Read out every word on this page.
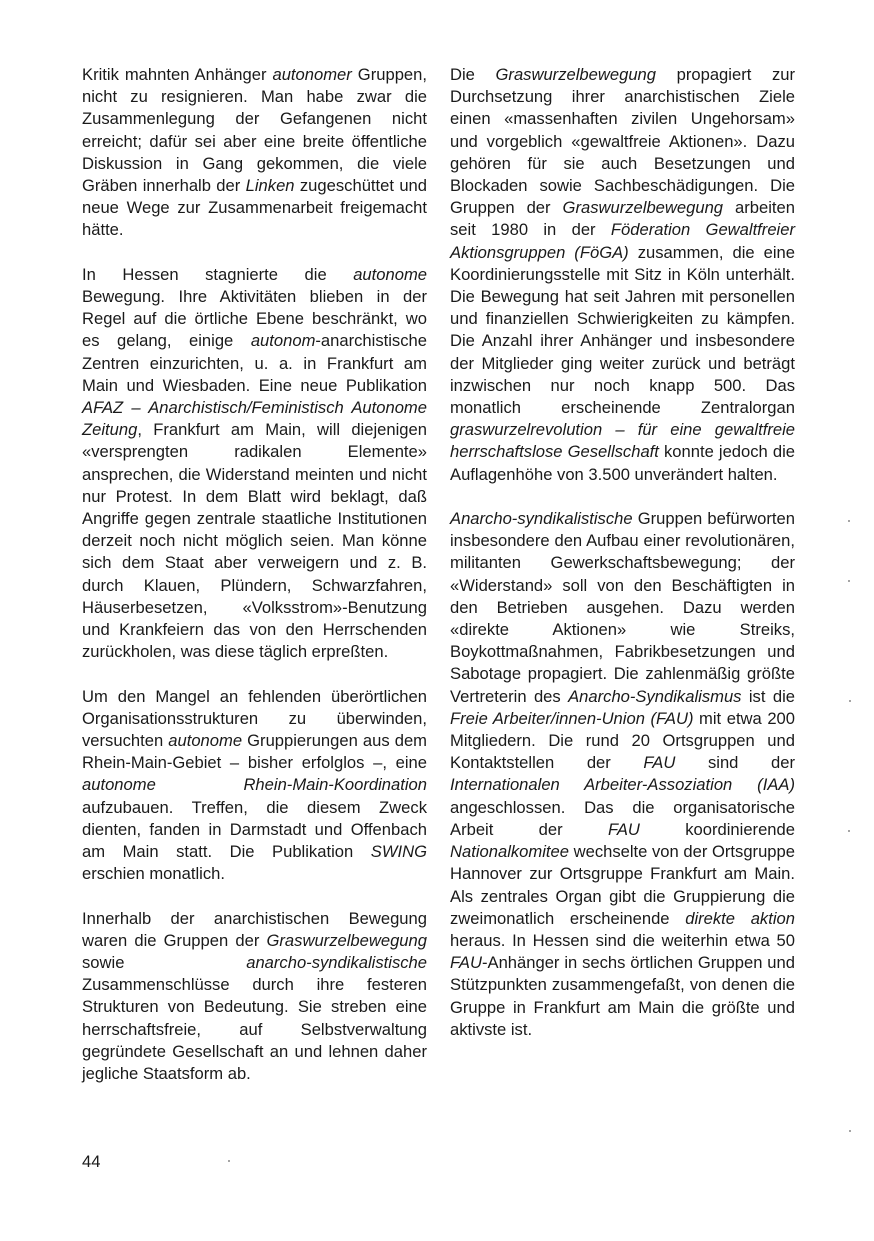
Kritik mahnten Anhänger autonomer Gruppen, nicht zu resignieren. Man habe zwar die Zusammenlegung der Gefangenen nicht erreicht; dafür sei aber eine breite öffentliche Diskussion in Gang gekommen, die viele Gräben innerhalb der Linken zugeschüttet und neue Wege zur Zusammenarbeit freigemacht hätte.

In Hessen stagnierte die autonome Bewegung. Ihre Aktivitäten blieben in der Regel auf die örtliche Ebene beschränkt, wo es gelang, einige autonom-anarchistische Zentren einzurichten, u. a. in Frankfurt am Main und Wiesbaden. Eine neue Publikation AFAZ – Anarchistisch/Feministisch Autonome Zeitung, Frankfurt am Main, will diejenigen «versprengten radikalen Elemente» ansprechen, die Widerstand meinten und nicht nur Protest. In dem Blatt wird beklagt, daß Angriffe gegen zentrale staatliche Institutionen derzeit noch nicht möglich seien. Man könne sich dem Staat aber verweigern und z. B. durch Klauen, Plündern, Schwarzfahren, Häuserbesetzen, «Volksstrom»-Benutzung und Krankfeiern das von den Herrschenden zurückholen, was diese täglich erpreßten.

Um den Mangel an fehlenden überörtlichen Organisationsstrukturen zu überwinden, versuchten autonome Gruppierungen aus dem Rhein-Main-Gebiet – bisher erfolglos –, eine autonome Rhein-Main-Koordination aufzubauen. Treffen, die diesem Zweck dienten, fanden in Darmstadt und Offenbach am Main statt. Die Publikation SWING erschien monatlich.

Innerhalb der anarchistischen Bewegung waren die Gruppen der Graswurzelbewegung sowie anarcho-syndikalistische Zusammenschlüsse durch ihre festeren Strukturen von Bedeutung. Sie streben eine herrschaftsfreie, auf Selbstverwaltung gegründete Gesellschaft an und lehnen daher jegliche Staatsform ab.

Die Graswurzelbewegung propagiert zur Durchsetzung ihrer anarchistischen Ziele einen «massenhaften zivilen Ungehorsam» und vorgeblich «gewaltfreie Aktionen». Dazu gehören für sie auch Besetzungen und Blockaden sowie Sachbeschädigungen. Die Gruppen der Graswurzelbewegung arbeiten seit 1980 in der Föderation Gewaltfreier Aktionsgruppen (FöGA) zusammen, die eine Koordinierungsstelle mit Sitz in Köln unterhält. Die Bewegung hat seit Jahren mit personellen und finanziellen Schwierigkeiten zu kämpfen. Die Anzahl ihrer Anhänger und insbesondere der Mitglieder ging weiter zurück und beträgt inzwischen nur noch knapp 500. Das monatlich erscheinende Zentralorgan graswurzelrevolution – für eine gewaltfreie herrschaftslose Gesellschaft konnte jedoch die Auflagenhöhe von 3.500 unverändert halten.

Anarcho-syndikalistische Gruppen befürworten insbesondere den Aufbau einer revolutionären, militanten Gewerkschaftsbewegung; der «Widerstand» soll von den Beschäftigten in den Betrieben ausgehen. Dazu werden «direkte Aktionen» wie Streiks, Boykottmaßnahmen, Fabrikbesetzungen und Sabotage propagiert. Die zahlenmäßig größte Vertreterin des Anarcho-Syndikalismus ist die Freie Arbeiter/innen-Union (FAU) mit etwa 200 Mitgliedern. Die rund 20 Ortsgruppen und Kontaktstellen der FAU sind der Internationalen Arbeiter-Assoziation (IAA) angeschlossen. Das die organisatorische Arbeit der FAU koordinierende Nationalkomitee wechselte von der Ortsgruppe Hannover zur Ortsgruppe Frankfurt am Main. Als zentrales Organ gibt die Gruppierung die zweimonatlich erscheinende direkte aktion heraus. In Hessen sind die weiterhin etwa 50 FAU-Anhänger in sechs örtlichen Gruppen und Stützpunkten zusammengefaßt, von denen die Gruppe in Frankfurt am Main die größte und aktivste ist.

44
